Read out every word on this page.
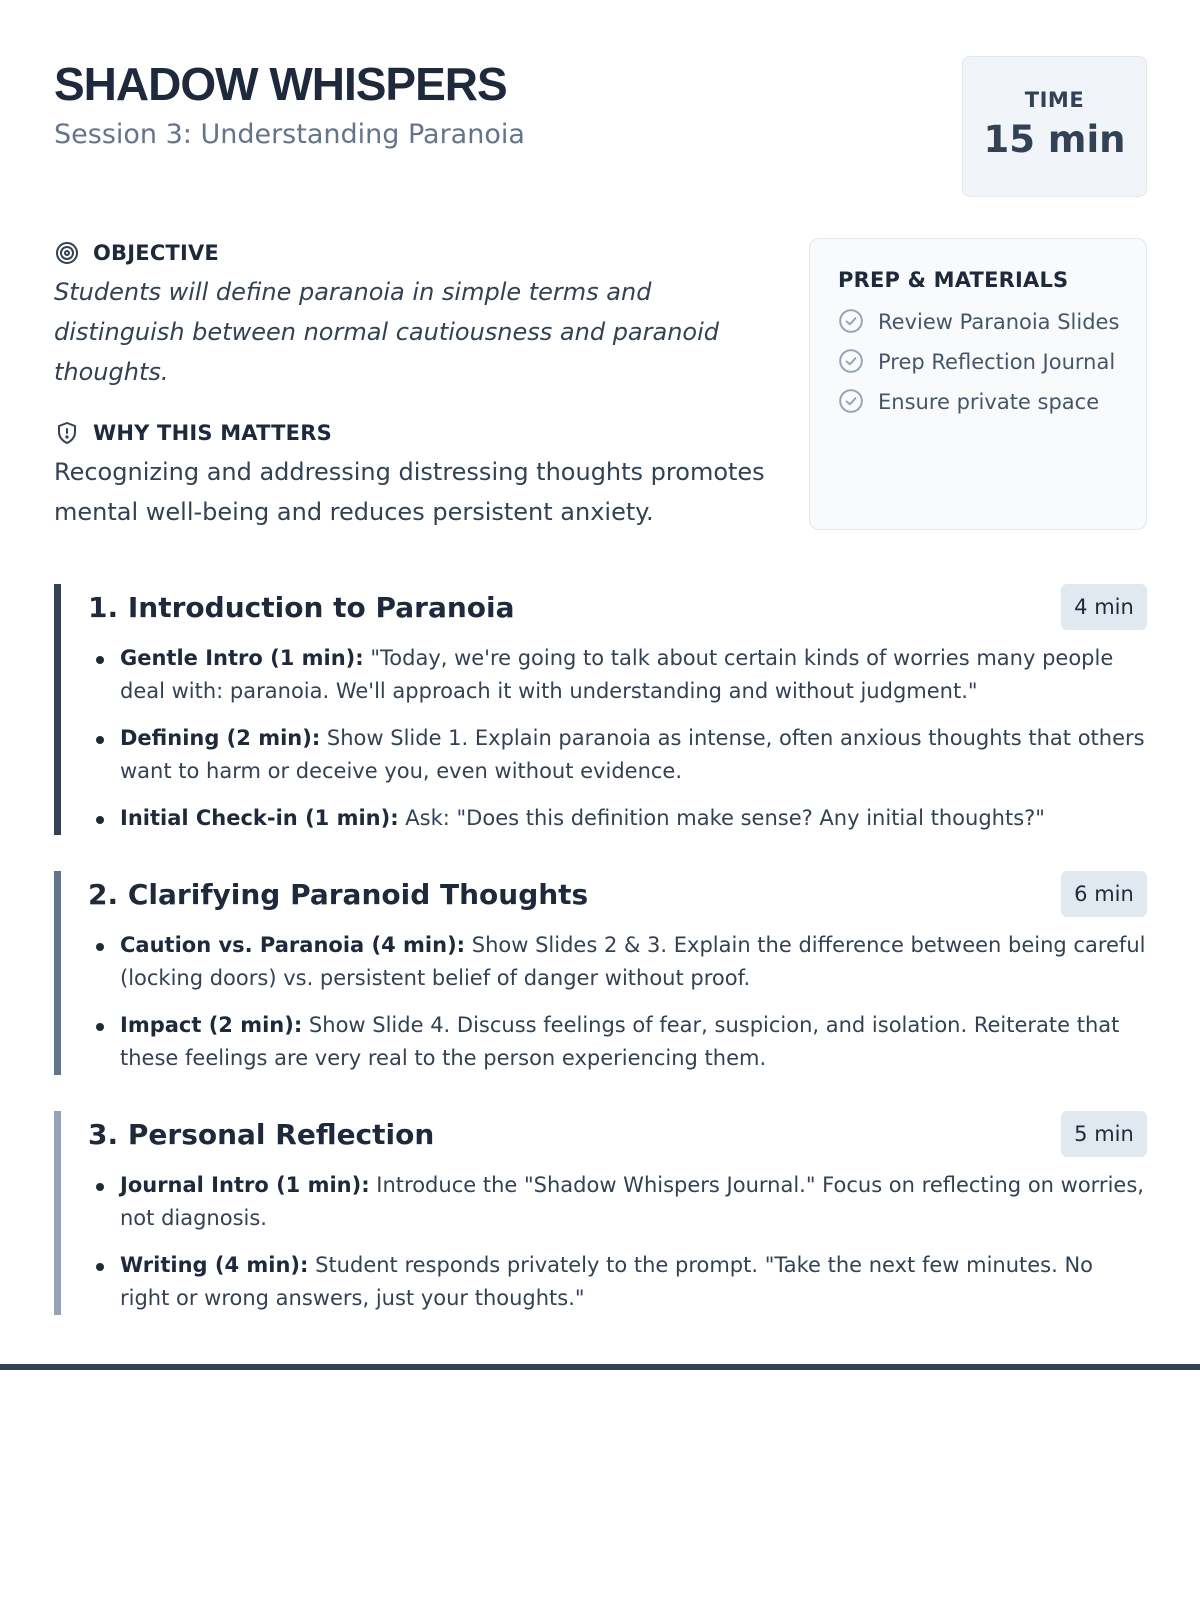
SHADOW WHISPERS
Session 3: Understanding Paranoia
TIME
15 min
OBJECTIVE

Students will define paranoia in simple terms and distinguish between normal cautiousness and paranoid thoughts.

WHY THIS MATTERS

Recognizing and addressing distressing thoughts promotes mental well-being and reduces persistent anxiety.

PREP & MATERIALS
Review Paranoia Slides
Prep Reflection Journal
Ensure private space
1. Introduction to Paranoia	4 min
Gentle Intro (1 min): "Today, we're going to talk about certain kinds of worries many people deal with: paranoia. We'll approach it with understanding and without judgment."
Defining (2 min): Show Slide 1. Explain paranoia as intense, often anxious thoughts that others want to harm or deceive you, even without evidence.
Initial Check-in (1 min): Ask: "Does this definition make sense? Any initial thoughts?"
2. Clarifying Paranoid Thoughts	6 min
Caution vs. Paranoia (4 min): Show Slides 2 & 3. Explain the difference between being careful (locking doors) vs. persistent belief of danger without proof.
Impact (2 min): Show Slide 4. Discuss feelings of fear, suspicion, and isolation. Reiterate that these feelings are very real to the person experiencing them.
3. Personal Reflection	5 min
Journal Intro (1 min): Introduce the "Shadow Whispers Journal." Focus on reflecting on worries, not diagnosis.
Writing (4 min): Student responds privately to the prompt. "Take the next few minutes. No right or wrong answers, just your thoughts."
